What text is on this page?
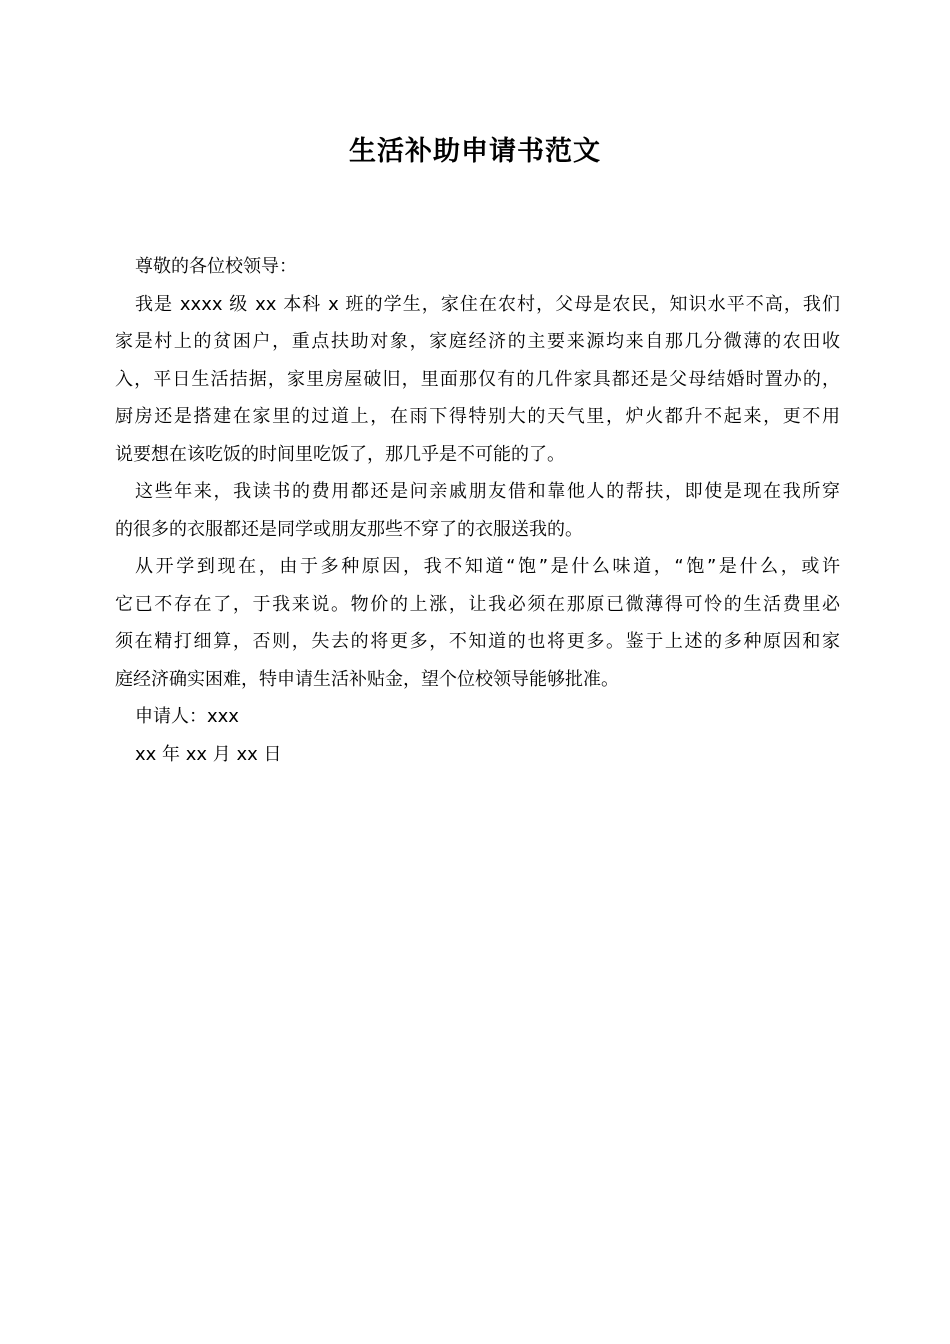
生活补助申请书范文

尊敬的各位校领导：

我是 xxxx 级 xx 本科 x 班的学生，家住在农村，父母是农民，知识水平不高，我们
家是村上的贫困户，重点扶助对象，家庭经济的主要来源均来自那几分微薄的农田收
入，平日生活拮据，家里房屋破旧，里面那仅有的几件家具都还是父母结婚时置办的，
厨房还是搭建在家里的过道上，在雨下得特别大的天气里，炉火都升不起来，更不用
说要想在该吃饭的时间里吃饭了，那几乎是不可能的了。
这些年来，我读书的费用都还是问亲戚朋友借和靠他人的帮扶，即使是现在我所穿
的很多的衣服都还是同学或朋友那些不穿了的衣服送我的。
从开学到现在，由于多种原因，我不知道“饱”是什么味道，“饱”是什么，或许
它已不存在了，于我来说。物价的上涨，让我必须在那原已微薄得可怜的生活费里必
须在精打细算，否则，失去的将更多，不知道的也将更多。鉴于上述的多种原因和家
庭经济确实困难，特申请生活补贴金，望个位校领导能够批准。

申请人：xxx

xx 年 xx 月 xx 日
